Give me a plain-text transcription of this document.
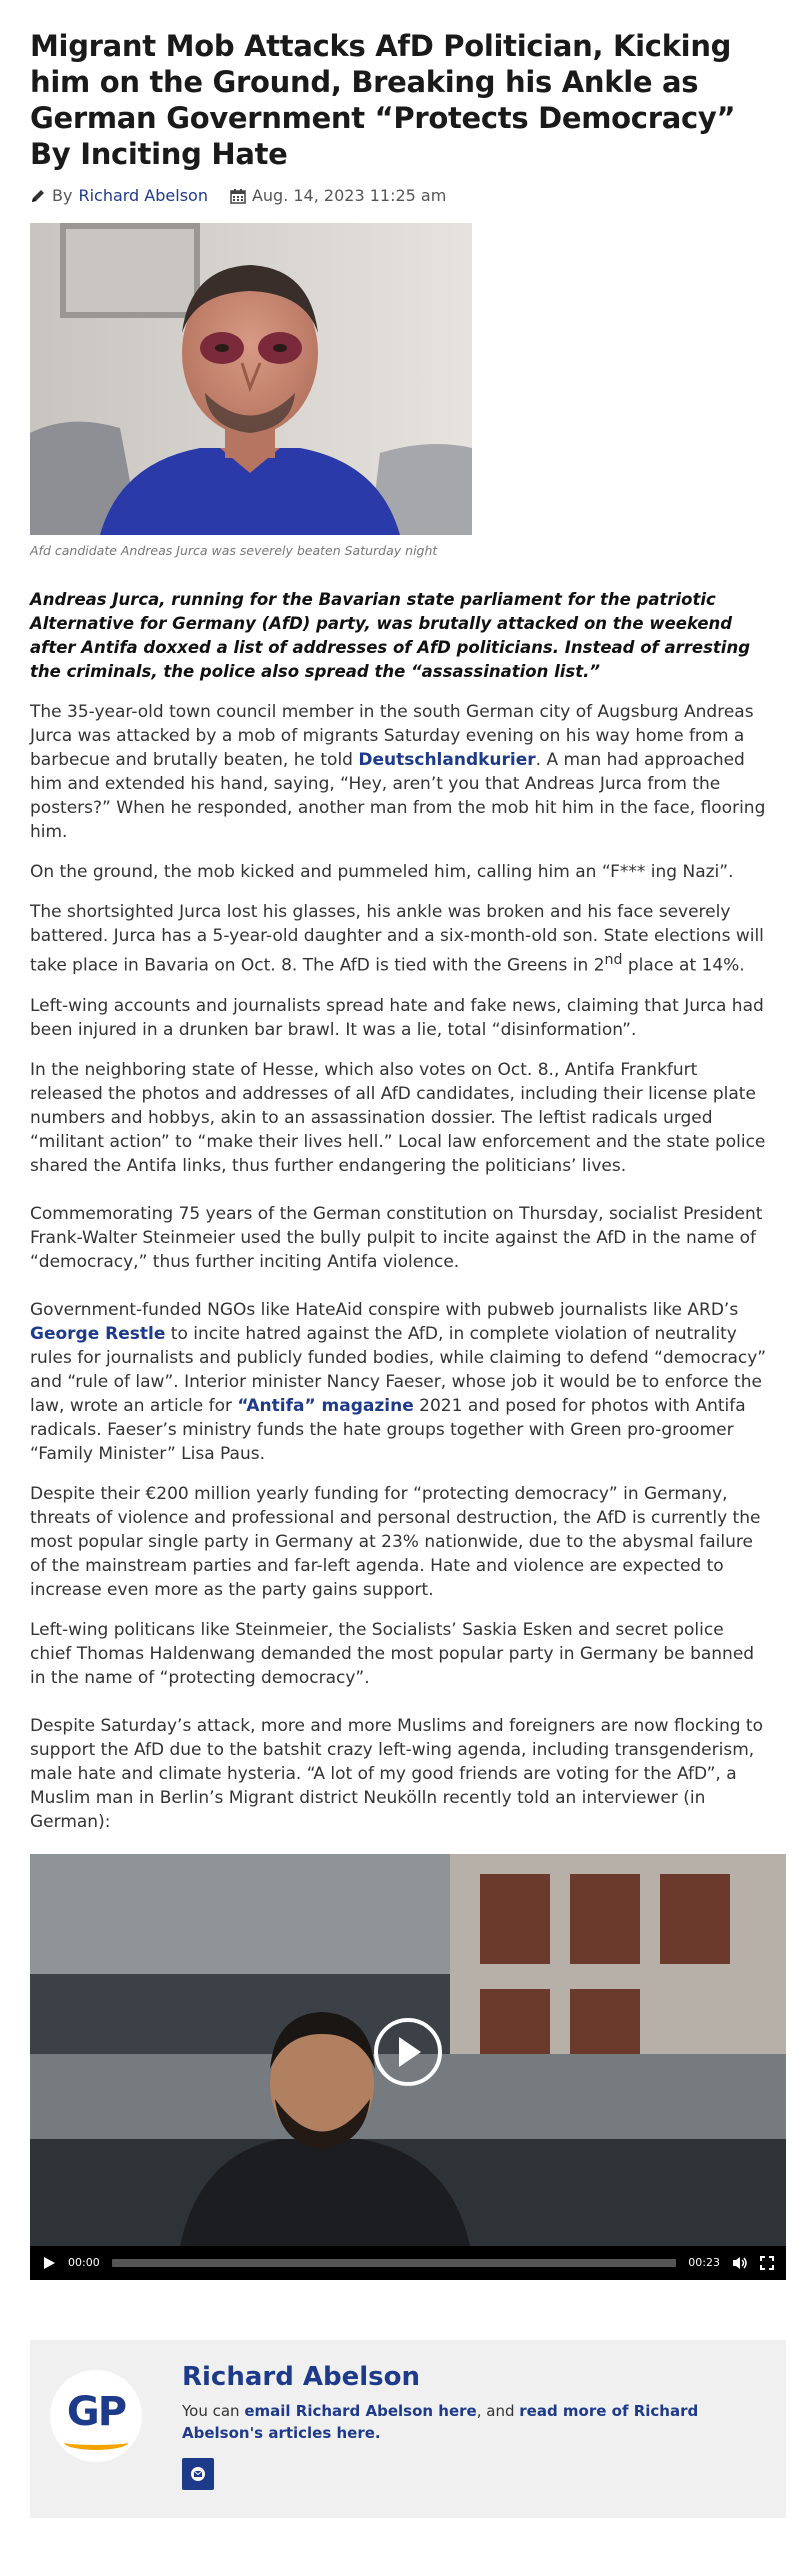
Migrant Mob Attacks AfD Politician, Kicking him on the Ground, Breaking his Ankle as German Government “Protects Democracy” By Inciting Hate
By Richard Abelson	Aug. 14, 2023 11:25 am
Afd candidate Andreas Jurca was severely beaten Saturday night

Andreas Jurca, running for the Bavarian state parliament for the patriotic Alternative for Germany (AfD) party, was brutally attacked on the weekend after Antifa doxxed a list of addresses of AfD politicians. Instead of arresting the criminals, the police also spread the “assassination list.”

The 35-year-old town council member in the south German city of Augsburg Andreas Jurca was attacked by a mob of migrants Saturday evening on his way home from a barbecue and brutally beaten, he told Deutschlandkurier. A man had approached him and extended his hand, saying, “Hey, aren’t you that Andreas Jurca from the posters?” When he responded, another man from the mob hit him in the face, flooring him.

On the ground, the mob kicked and pummeled him, calling him an “F*** ing Nazi”.

The shortsighted Jurca lost his glasses, his ankle was broken and his face severely battered. Jurca has a 5-year-old daughter and a six-month-old son. State elections will take place in Bavaria on Oct. 8. The AfD is tied with the Greens in 2nd place at 14%.

Left-wing accounts and journalists spread hate and fake news, claiming that Jurca had been injured in a drunken bar brawl. It was a lie, total “disinformation”.

In the neighboring state of Hesse, which also votes on Oct. 8., Antifa Frankfurt released the photos and addresses of all AfD candidates, including their license plate numbers and hobbys, akin to an assassination dossier. The leftist radicals urged “militant action” to “make their lives hell.” Local law enforcement and the state police shared the Antifa links, thus further endangering the politicians’ lives.

Commemorating 75 years of the German constitution on Thursday, socialist President Frank-Walter Steinmeier used the bully pulpit to incite against the AfD in the name of “democracy,” thus further inciting Antifa violence.

Government-funded NGOs like HateAid conspire with pubweb journalists like ARD’s George Restle to incite hatred against the AfD, in complete violation of neutrality rules for journalists and publicly funded bodies, while claiming to defend “democracy” and “rule of law”. Interior minister Nancy Faeser, whose job it would be to enforce the law, wrote an article for “Antifa” magazine 2021 and posed for photos with Antifa radicals. Faeser’s ministry funds the hate groups together with Green pro-groomer “Family Minister” Lisa Paus.

Despite their €200 million yearly funding for “protecting democracy” in Germany, threats of violence and professional and personal destruction, the AfD is currently the most popular single party in Germany at 23% nationwide, due to the abysmal failure of the mainstream parties and far-left agenda. Hate and violence are expected to increase even more as the party gains support.

Left-wing politicans like Steinmeier, the Socialists’ Saskia Esken and secret police chief Thomas Haldenwang demanded the most popular party in Germany be banned in the name of “protecting democracy”.

Despite Saturday’s attack, more and more Muslims and foreigners are now flocking to support the AfD due to the batshit crazy left-wing agenda, including transgenderism, male hate and climate hysteria. “A lot of my good friends are voting for the AfD”, a Muslim man in Berlin’s Migrant district Neukölln recently told an interviewer (in German):

00:00	00:23
GP
Richard Abelson
You can email Richard Abelson here, and read more of Richard Abelson's articles here.
